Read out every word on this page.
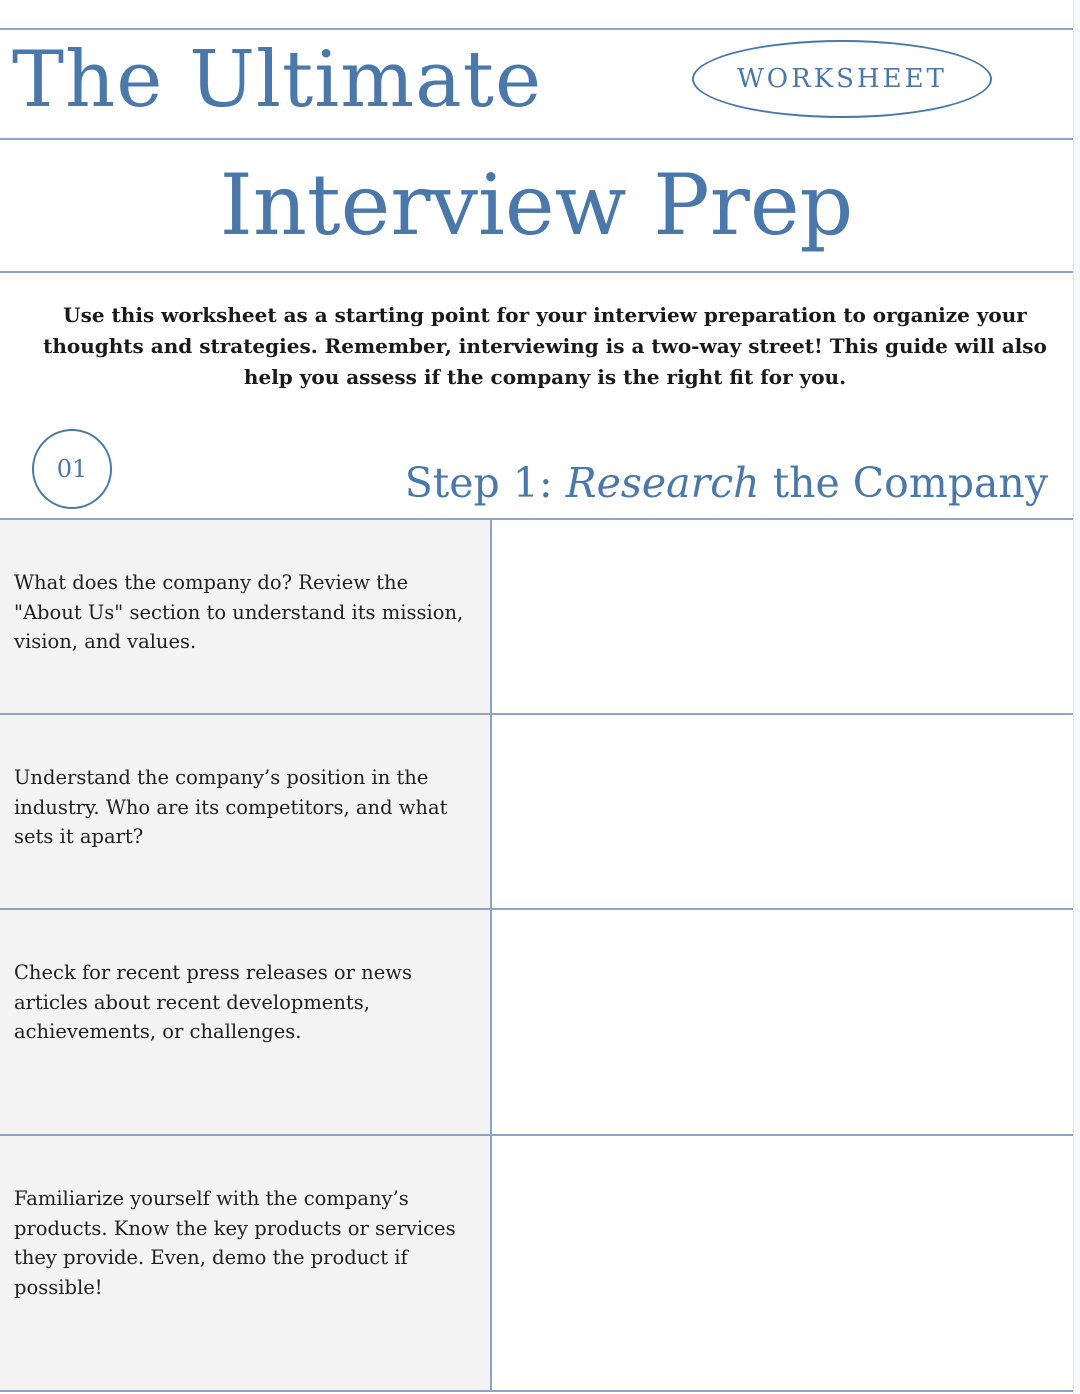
The Ultimate	WORKSHEET
Interview Prep

Use this worksheet as a starting point for your interview preparation to organize your thoughts and strategies. Remember, interviewing is a two-way street! This guide will also help you assess if the company is the right fit for you.

01	Step 1: Research the Company
What does the company do? Review the "About Us" section to understand its mission, vision, and values.
Understand the company’s position in the industry. Who are its competitors, and what sets it apart?
Check for recent press releases or news articles about recent developments, achievements, or challenges.
Familiarize yourself with the company’s products. Know the key products or services they provide. Even, demo the product if possible!
